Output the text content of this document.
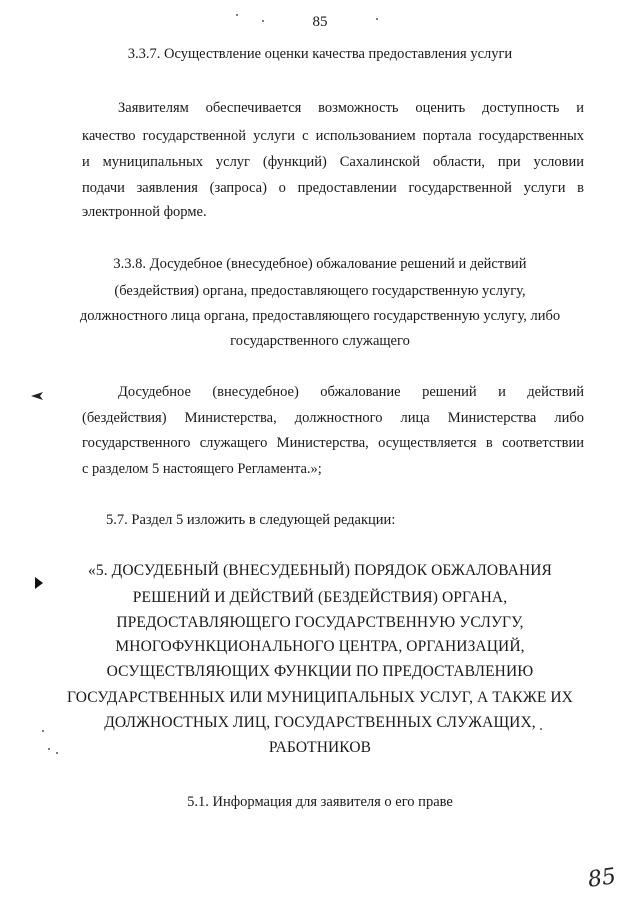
85

3.3.7. Осуществление оценки качества предоставления услуги

Заявителям обеспечивается возможность оценить доступность и

качество государственной услуги с использованием портала государственных

и муниципальных услуг (функций) Сахалинской области, при условии

подачи заявления (запроса) о предоставлении государственной услуги в

электронной форме.

3.3.8. Досудебное (внесудебное) обжалование решений и действий

(бездействия) органа, предоставляющего государственную услугу,

должностного лица органа, предоставляющего государственную услугу, либо

государственного служащего

Досудебное (внесудебное) обжалование решений и действий

(бездействия) Министерства, должностного лица Министерства либо

государственного служащего Министерства, осуществляется в соответствии

с разделом 5 настоящего Регламента.»;

5.7. Раздел 5 изложить в следующей редакции:

«5. ДОСУДЕБНЫЙ (ВНЕСУДЕБНЫЙ) ПОРЯДОК ОБЖАЛОВАНИЯ

РЕШЕНИЙ И ДЕЙСТВИЙ (БЕЗДЕЙСТВИЯ) ОРГАНА,

ПРЕДОСТАВЛЯЮЩЕГО ГОСУДАРСТВЕННУЮ УСЛУГУ,

МНОГОФУНКЦИОНАЛЬНОГО ЦЕНТРА, ОРГАНИЗАЦИЙ,

ОСУЩЕСТВЛЯЮЩИХ ФУНКЦИИ ПО ПРЕДОСТАВЛЕНИЮ

ГОСУДАРСТВЕННЫХ ИЛИ МУНИЦИПАЛЬНЫХ УСЛУГ, А ТАКЖЕ ИХ

ДОЛЖНОСТНЫХ ЛИЦ, ГОСУДАРСТВЕННЫХ СЛУЖАЩИХ,

РАБОТНИКОВ

5.1. Информация для заявителя о его праве

85
